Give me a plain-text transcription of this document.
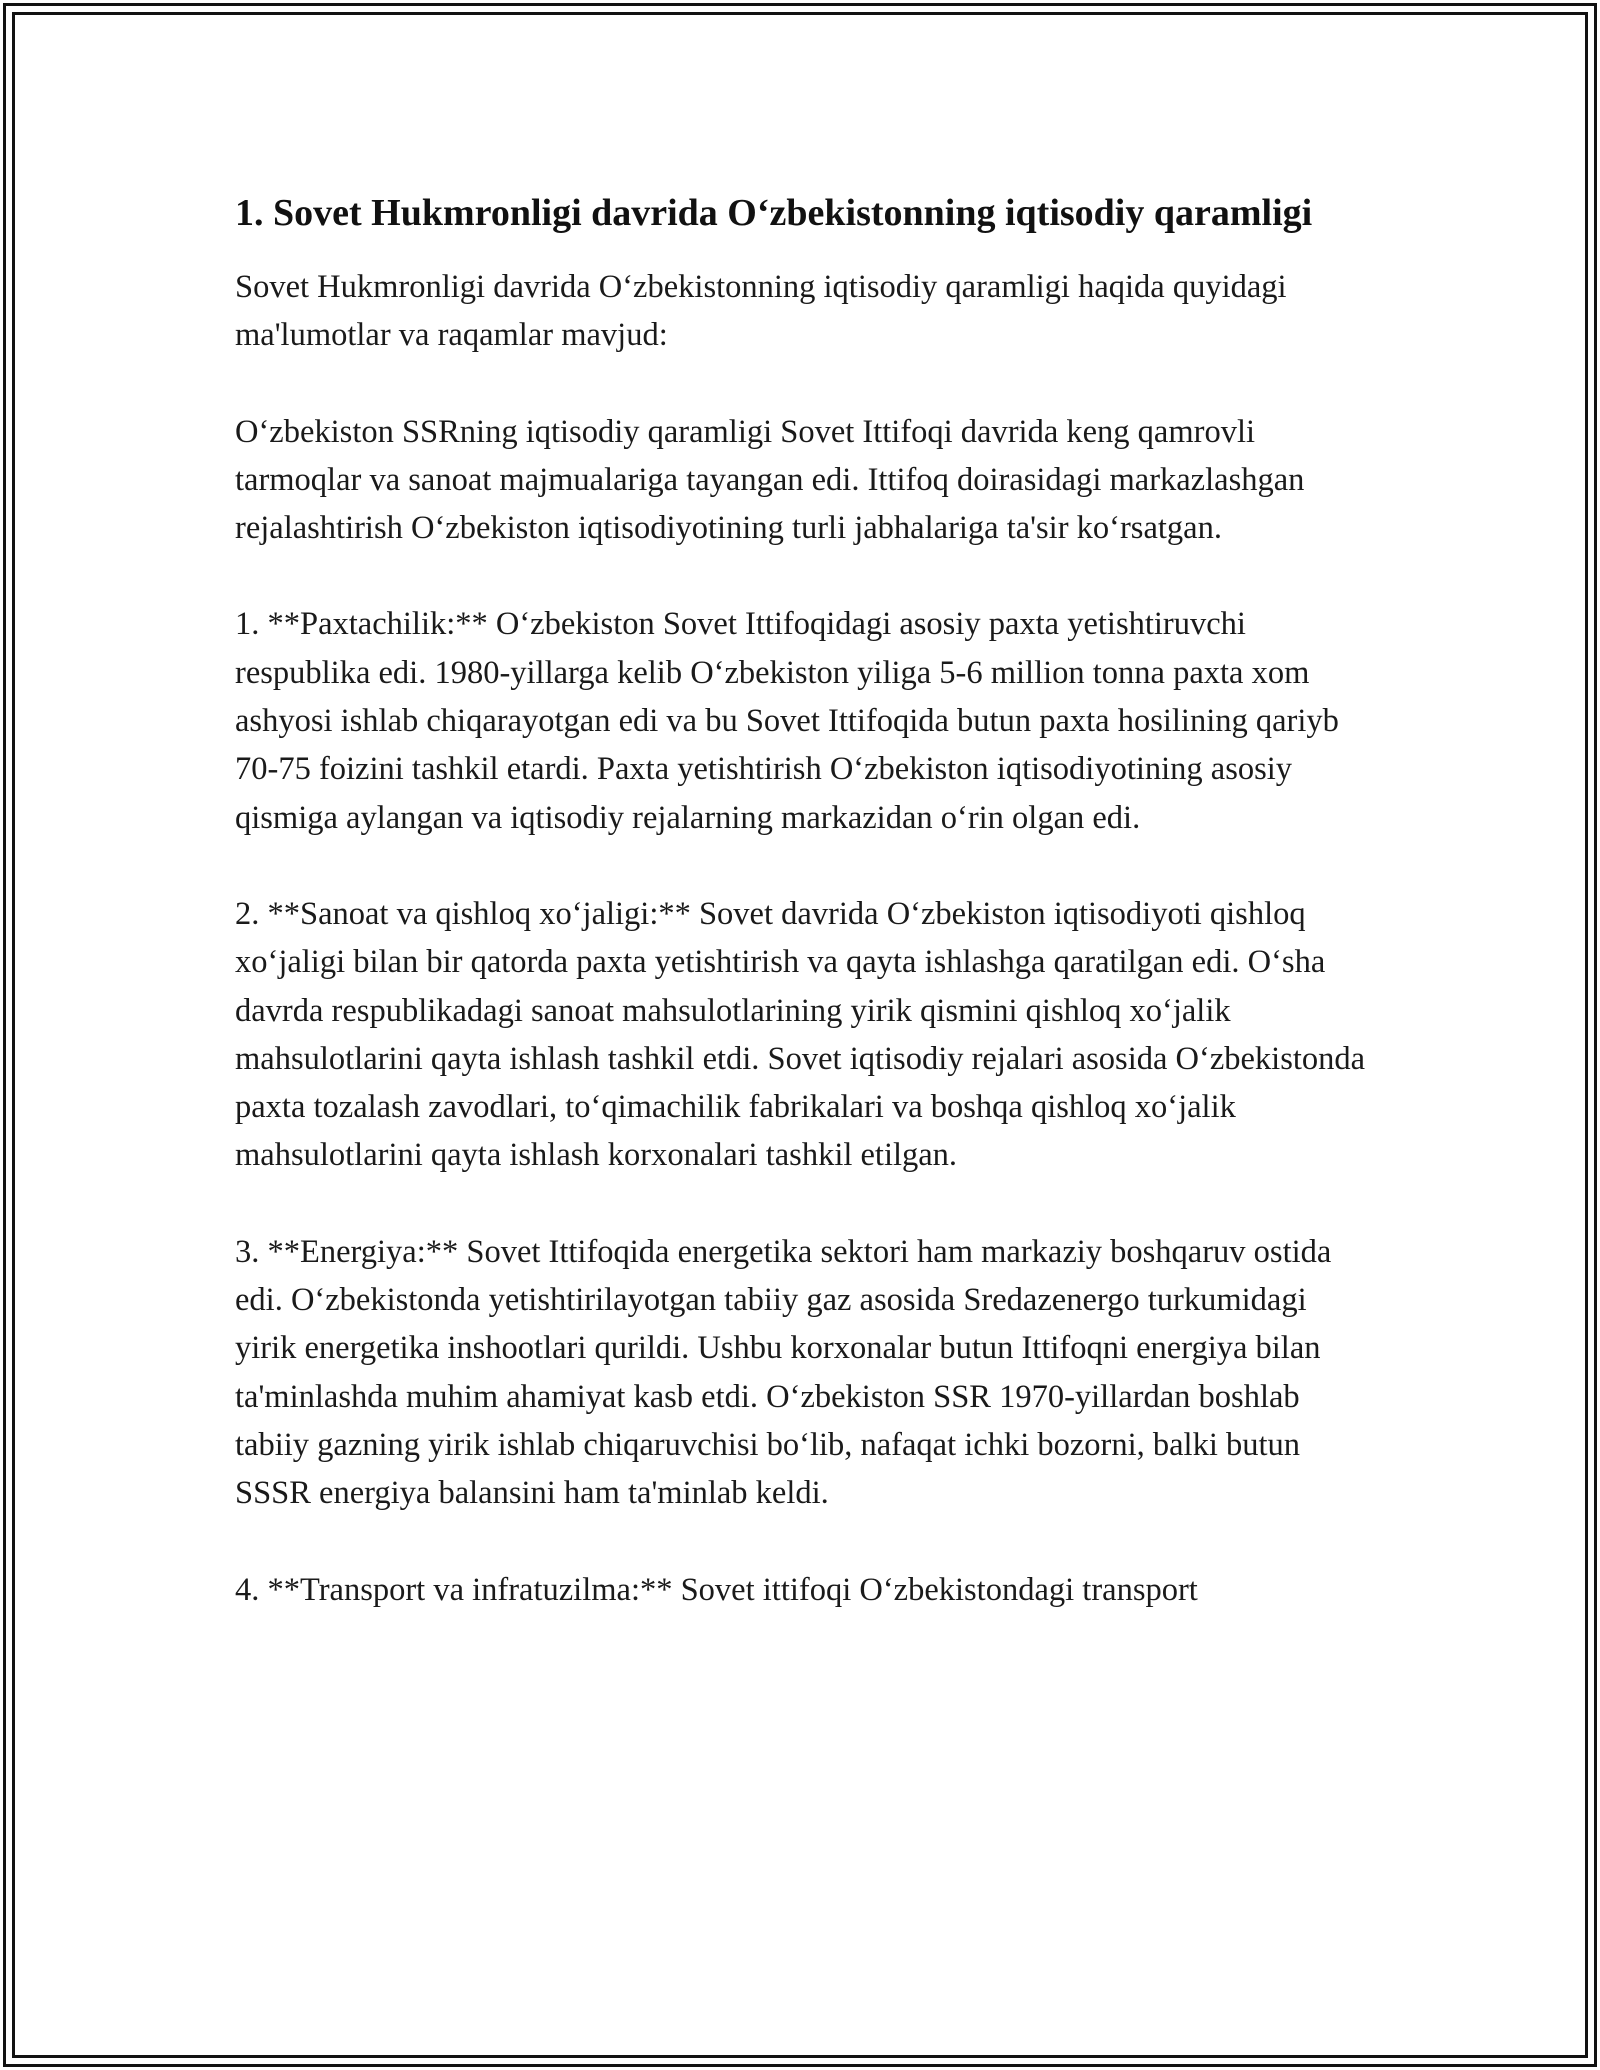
1. Sovet Hukmronligi davrida O‘zbekistonning iqtisodiy qaramligi

Sovet Hukmronligi davrida O‘zbekistonning iqtisodiy qaramligi haqida quyidagi ma'lumotlar va raqamlar mavjud:

O‘zbekiston SSRning iqtisodiy qaramligi Sovet Ittifoqi davrida keng qamrovli tarmoqlar va sanoat majmualariga tayangan edi. Ittifoq doirasidagi markazlashgan rejalashtirish O‘zbekiston iqtisodiyotining turli jabhalariga ta'sir ko‘rsatgan.

1. **Paxtachilik:** O‘zbekiston Sovet Ittifoqidagi asosiy paxta yetishtiruvchi respublika edi. 1980-yillarga kelib O‘zbekiston yiliga 5-6 million tonna paxta xom ashyosi ishlab chiqarayotgan edi va bu Sovet Ittifoqida butun paxta hosilining qariyb 70-75 foizini tashkil etardi. Paxta yetishtirish O‘zbekiston iqtisodiyotining asosiy qismiga aylangan va iqtisodiy rejalarning markazidan o‘rin olgan edi.

2. **Sanoat va qishloq xo‘jaligi:** Sovet davrida O‘zbekiston iqtisodiyoti qishloq xo‘jaligi bilan bir qatorda paxta yetishtirish va qayta ishlashga qaratilgan edi. O‘sha davrda respublikadagi sanoat mahsulotlarining yirik qismini qishloq xo‘jalik mahsulotlarini qayta ishlash tashkil etdi. Sovet iqtisodiy rejalari asosida O‘zbekistonda paxta tozalash zavodlari, to‘qimachilik fabrikalari va boshqa qishloq xo‘jalik mahsulotlarini qayta ishlash korxonalari tashkil etilgan.

3. **Energiya:** Sovet Ittifoqida energetika sektori ham markaziy boshqaruv ostida edi. O‘zbekistonda yetishtirilayotgan tabiiy gaz asosida Sredazenergo turkumidagi yirik energetika inshootlari qurildi. Ushbu korxonalar butun Ittifoqni energiya bilan ta'minlashda muhim ahamiyat kasb etdi. O‘zbekiston SSR 1970-yillardan boshlab tabiiy gazning yirik ishlab chiqaruvchisi bo‘lib, nafaqat ichki bozorni, balki butun SSSR energiya balansini ham ta'minlab keldi.

4. **Transport va infratuzilma:** Sovet ittifoqi O‘zbekistondagi transport
